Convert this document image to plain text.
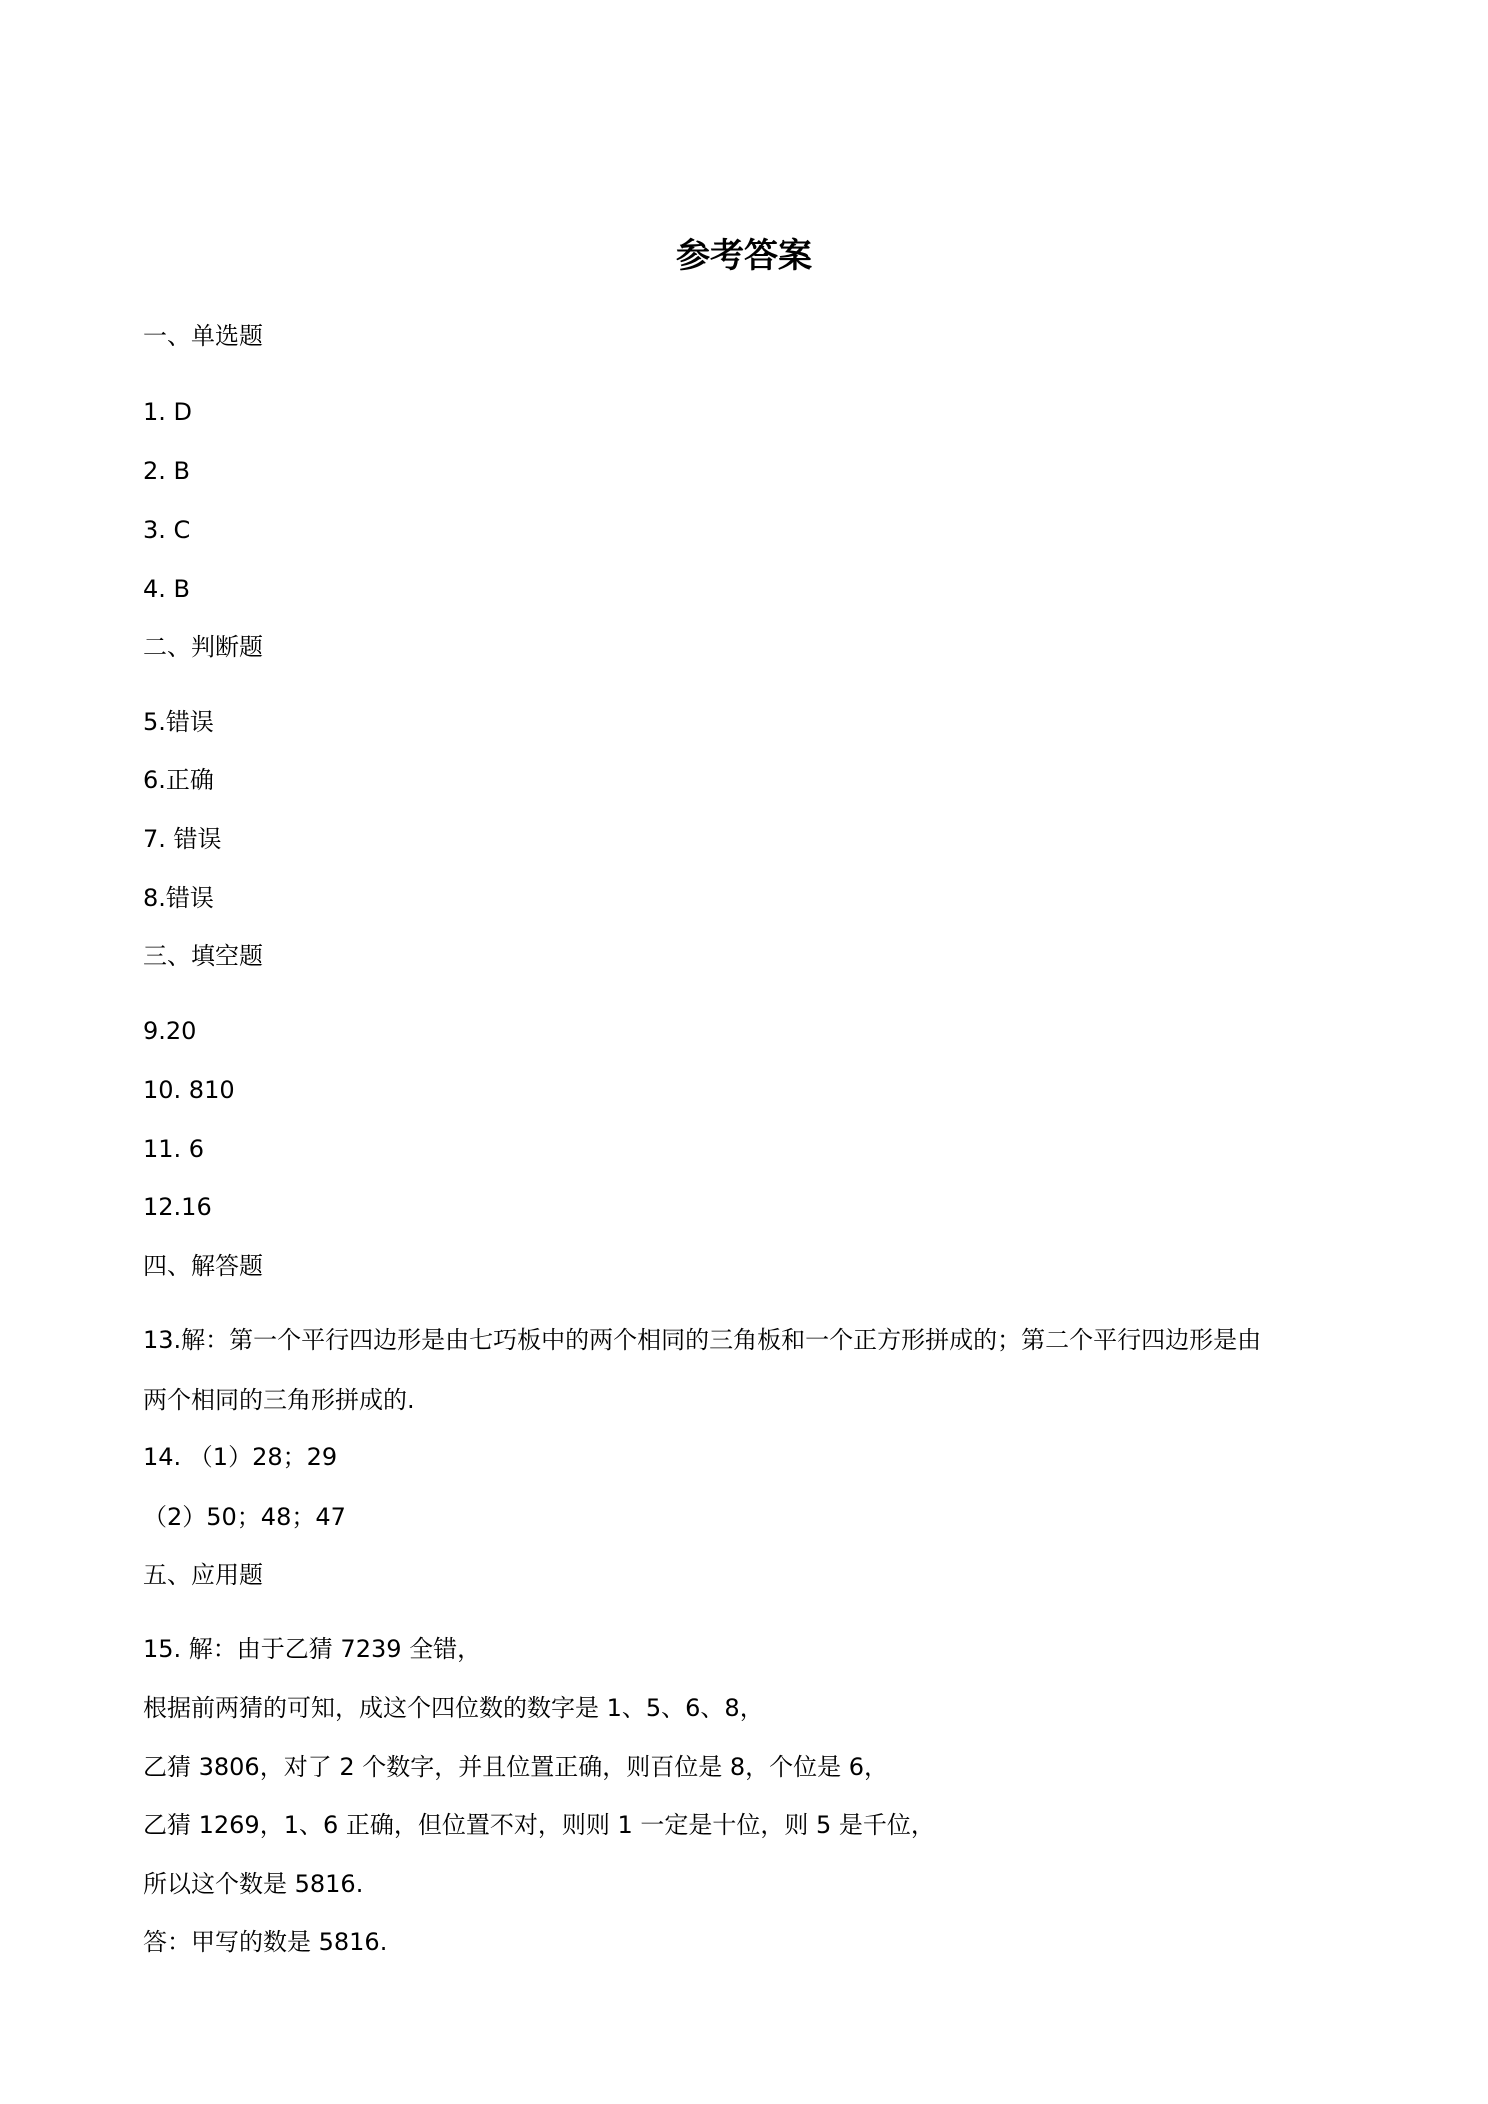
参考答案
一、单选题
1. D
2. B
3. C
4. B
二、判断题
5.错误
6.正确
7. 错误
8.错误
三、填空题
9.20
10. 810
11. 6
12.16
四、解答题
13.解：第一个平行四边形是由七巧板中的两个相同的三角板和一个正方形拼成的；第二个平行四边形是由
两个相同的三角形拼成的.
14. （1）28；29
（2）50；48；47
五、应用题
15. 解：由于乙猜 7239 全错，
根据前两猜的可知，成这个四位数的数字是 1、5、6、8，
乙猜 3806，对了 2 个数字，并且位置正确，则百位是 8，个位是 6，
乙猜 1269，1、6 正确，但位置不对，则则 1 一定是十位，则 5 是千位，
所以这个数是 5816.
答：甲写的数是 5816.
